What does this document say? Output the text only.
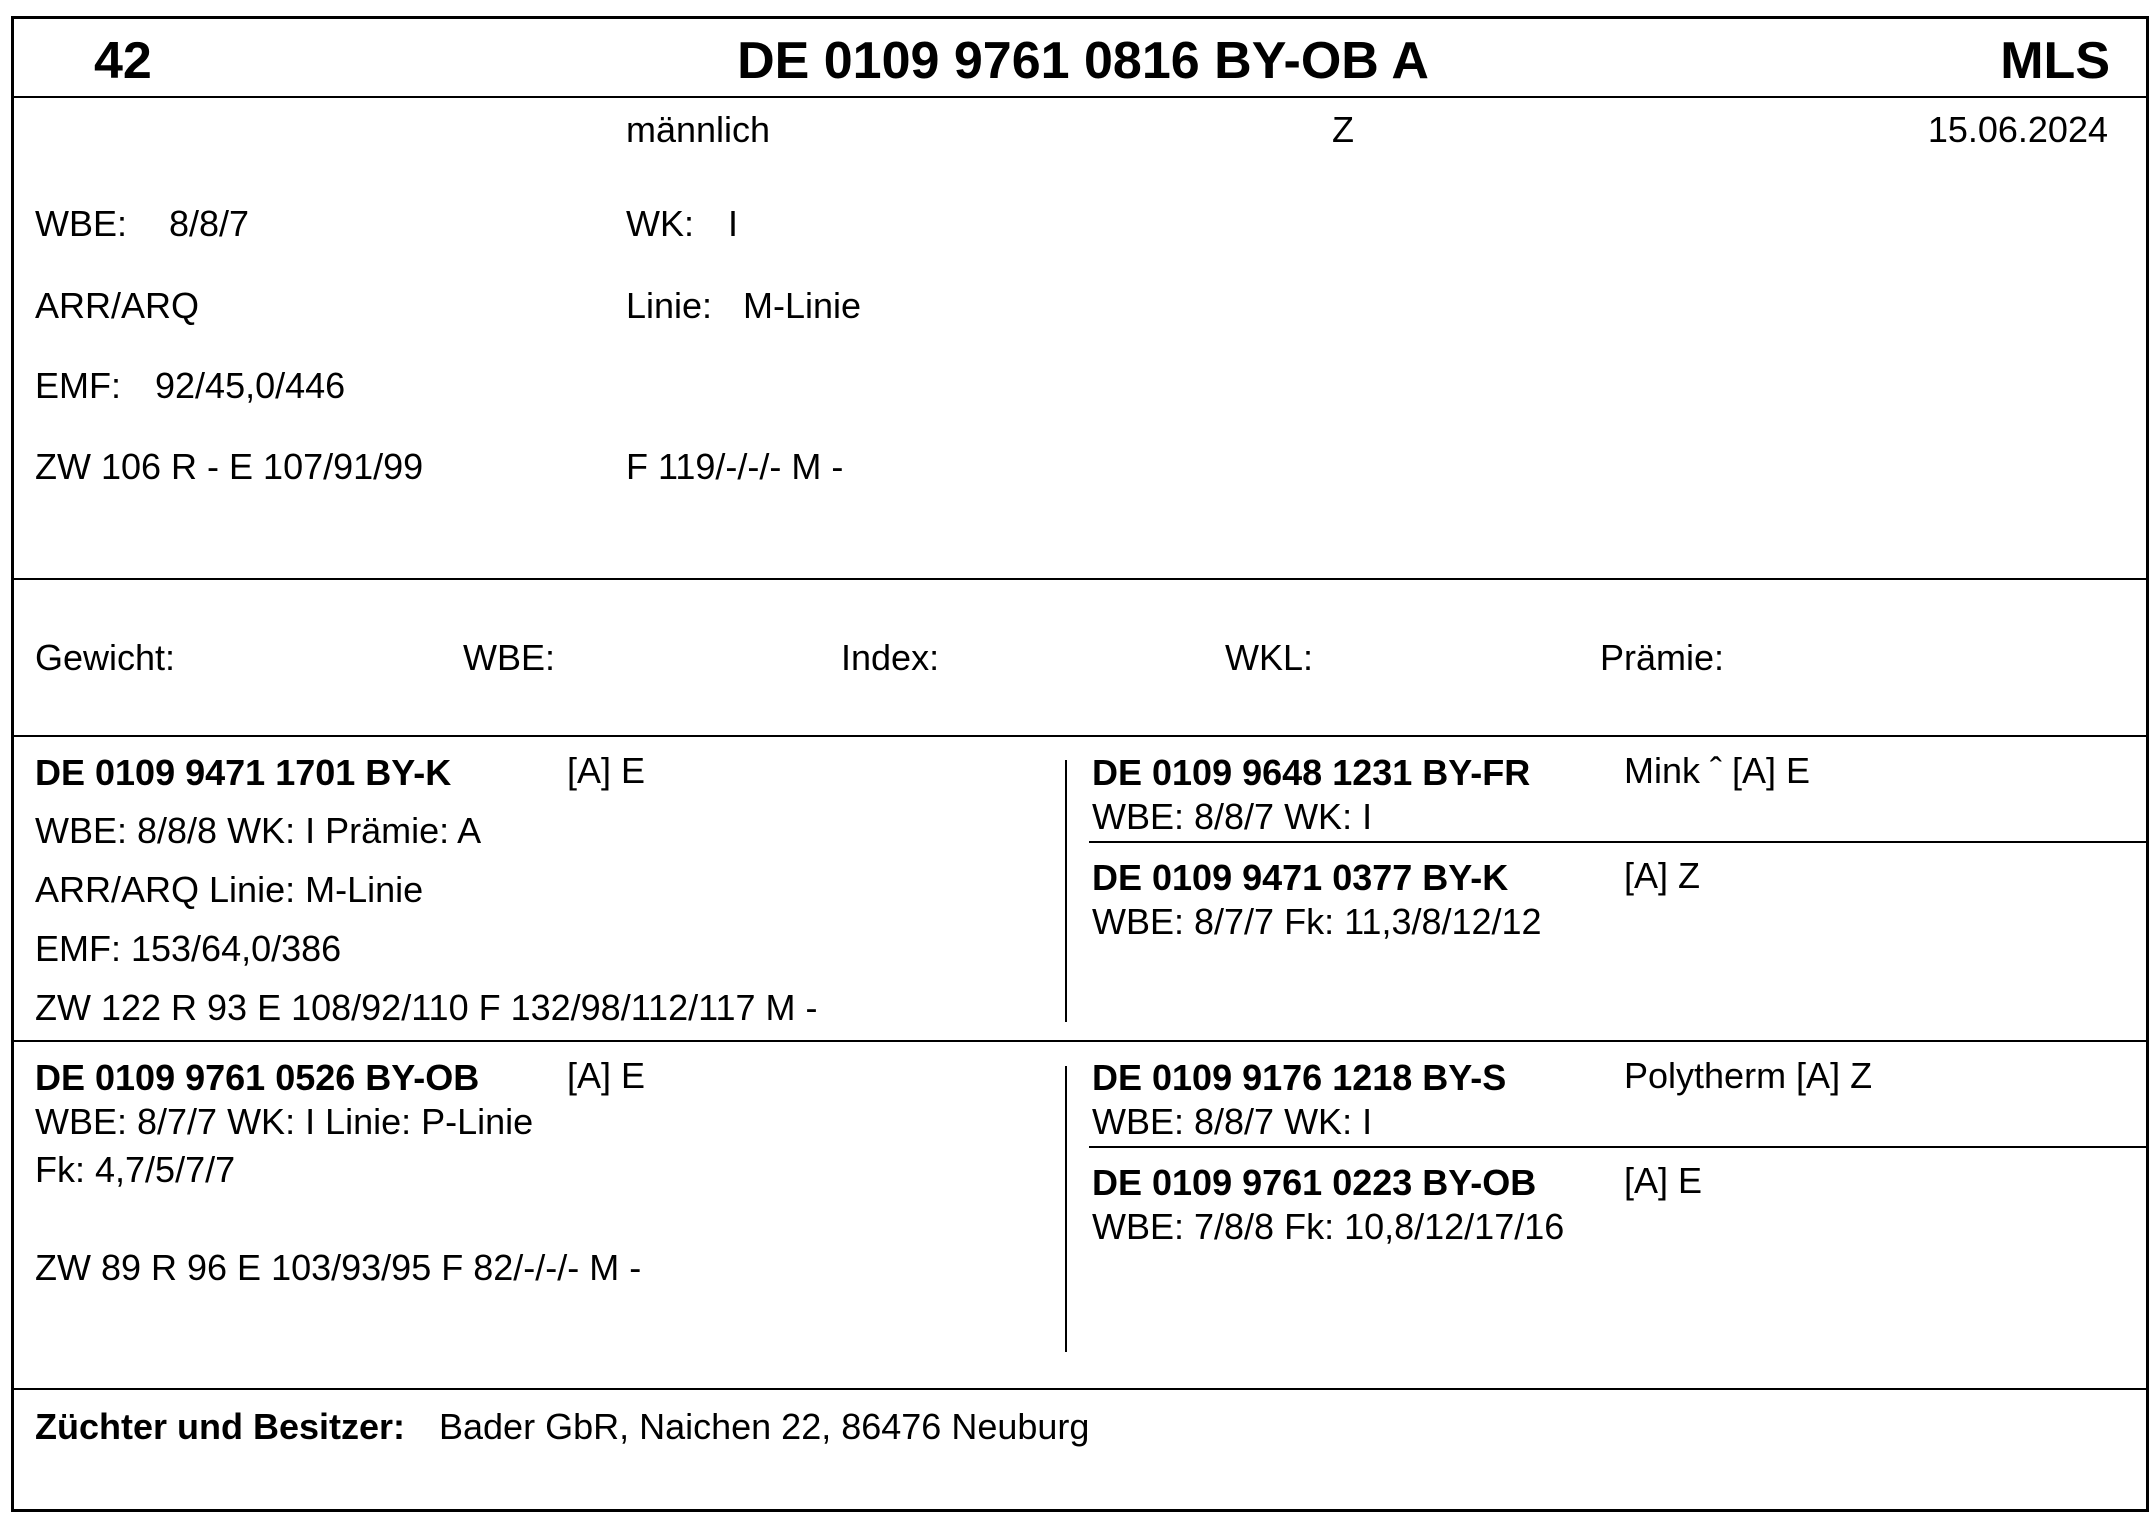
42	DE 0109 9761 0816 BY-OB A	MLS
männlich	Z	15.06.2024
WBE: 8/8/7	WK: I
ARR/ARQ	Linie: M-Linie
EMF: 92/45,0/446
ZW 106 R - E 107/91/99	F 119/-/-/- M -
Gewicht:	WBE:	Index:	WKL:	Prämie:
DE 0109 9471 1701 BY-K	[A] E
WBE: 8/8/8 WK: I Prämie: A
ARR/ARQ Linie: M-Linie
EMF: 153/64,0/386
ZW 122 R 93 E 108/92/110 F 132/98/112/117 M -
DE 0109 9648 1231 BY-FR	Mink ˆ [A] E
WBE: 8/8/7 WK: I
DE 0109 9471 0377 BY-K	[A] Z
WBE: 8/7/7 Fk: 11,3/8/12/12
DE 0109 9761 0526 BY-OB [A] E
WBE: 8/7/7 WK: I Linie: P-Linie
Fk: 4,7/5/7/7
ZW 89 R 96 E 103/93/95 F 82/-/-/- M -
DE 0109 9176 1218 BY-S	Polytherm [A] Z
WBE: 8/8/7 WK: I
DE 0109 9761 0223 BY-OB [A] E
WBE: 7/8/8 Fk: 10,8/12/17/16
Züchter und Besitzer: Bader GbR, Naichen 22, 86476 Neuburg
